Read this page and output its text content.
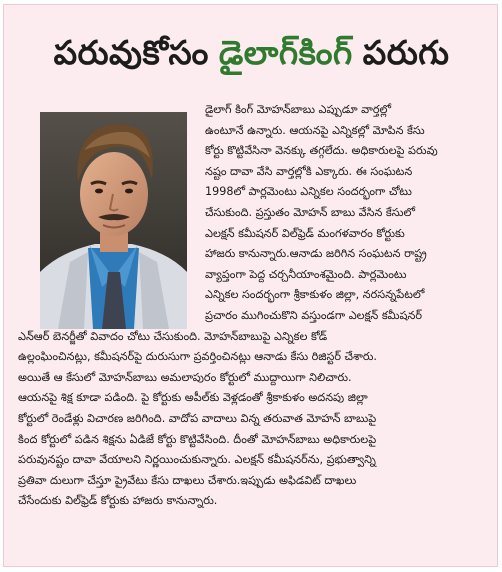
పరువుకోసం డైలాగ్‌కింగ్ పరుగు
డైలాగ్ కింగ్ మోహన్‌బాబు ఎప్పుడూ వార్తల్లో
ఉంటూనే ఉన్నారు. ఆయనపై ఎన్నికల్లో మోపిన కేసు
కోర్టు కొట్టివేసినా వెనక్కు తగ్గలేదు. అధికారులపై పరువు
నష్టం దావా వేసి వార్తల్లోకి ఎక్కారు. ఈ సంఘటన
1998లో పార్లమెంటు ఎన్నికల సందర్భంగా చోటు
చేసుకుంది. ప్రస్తుతం మోహన్ బాబు వేసిన కేసులో
ఎలక్షన్ కమీషనర్ విల్‌ఫ్రెడ్ మంగళవారం కోర్టుకు
హాజరు కానున్నారు.ఆనాడు జరిగిన సంఘటన రాష్ట్ర
వ్యాప్తంగా పెద్ద చర్చనీయాంశమైంది. పార్లమెంటు
ఎన్నికల సందర్భంగా శ్రీకాకుళం జిల్లా, నరసన్నపేటలో
ప్రచారం ముగించుకొని వస్తుండగా ఎలక్షన్ కమీషనర్
ఎన్ఆర్ బెనర్జీతో వివాదం చోటు చేసుకుంది. మోహన్‌బాబుపై ఎన్నికల కోడ్
ఉల్లంఘించినట్లు, కమీషనర్‌పై దురుసుగా ప్రవర్తించినట్లు ఆనాడు కేసు రిజిస్టర్ చేశారు.
అయితే ఆ కేసులో మోహన్‌బాబు అమలాపురం కోర్టులో ముద్దాయిగా నిలిచారు.
ఆయనపై శిక్ష కూడా పడింది. పై కోర్టుకు అపీల్‌కు వెళ్లడంతో శ్రీకాకుళం అదనపు జిల్లా
కోర్టులో రెండేళ్లు విచారణ జరిగింది. వాదోప వాదాలు విన్న తరువాత మోహన్ బాబుపై
కింద కోర్టులో పడిన శిక్షను ఏడిజే కోర్టు కొట్టివేసింది. దీంతో మోహన్‌బాబు అధికారులపై
పరువునష్టం దావా వేయాలని నిర్ణయించుకున్నారు. ఎలక్షన్ కమీషనర్‌ను, ప్రభుత్వాన్ని
ప్రతివా దులుగా చేస్తూ ప్రైవేటు కేసు దాఖలు చేశారు.ఇప్పుడు అఫిడవిట్ దాఖలు
చేసేందుకు విల్‌ఫ్రెడ్ కోర్టుకు హాజరు కానున్నారు.
